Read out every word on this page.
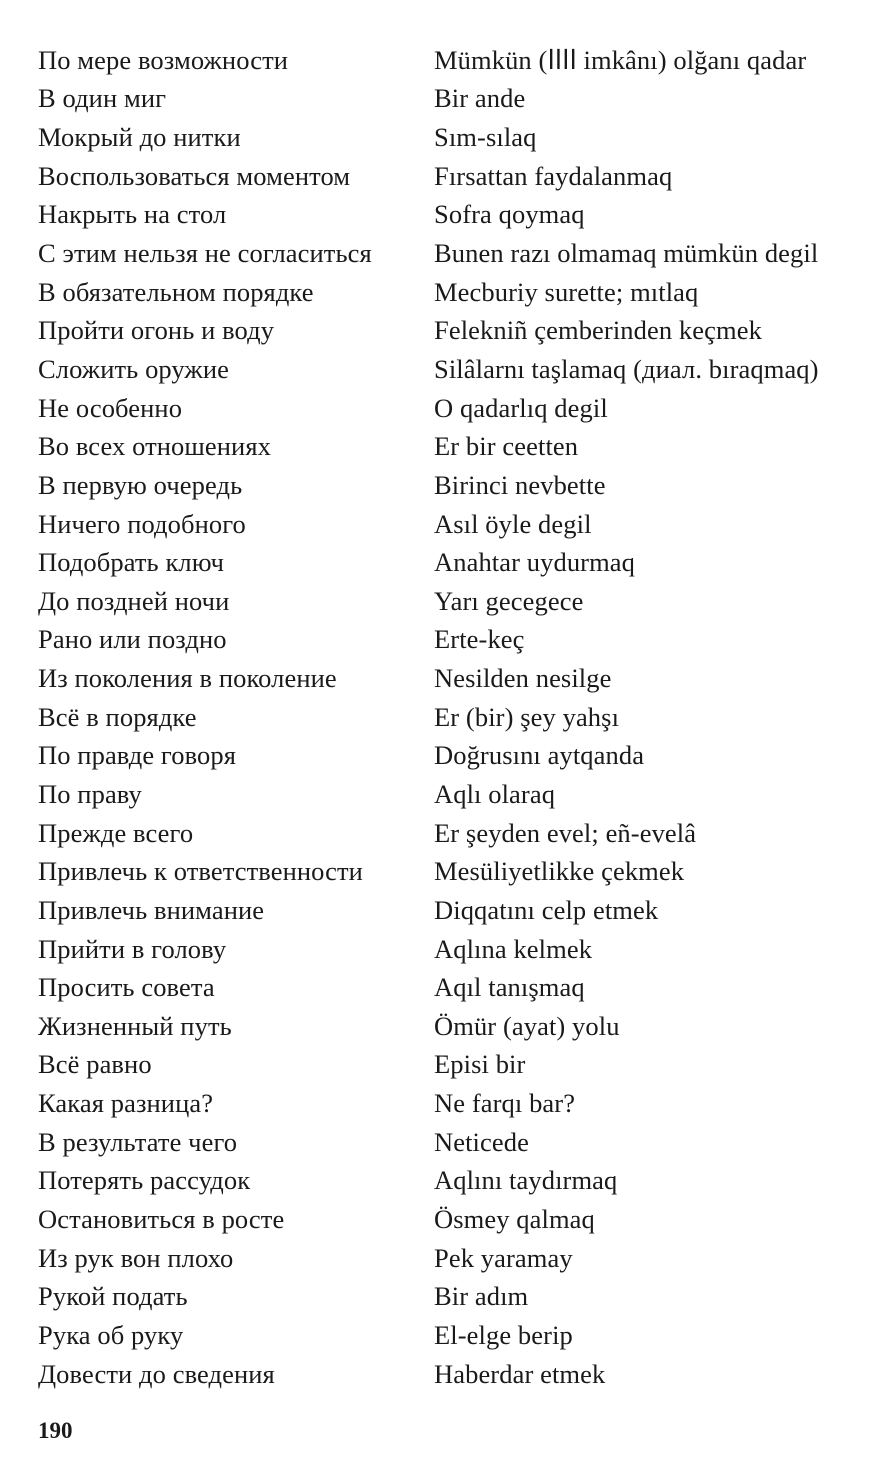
По мере возможности	Mümkün (ﺍﺍﺍﺍ imkânı) olğanı qadar
В один миг	Bir ande
Мокрый до нитки	Sım-sılaq
Воспользоваться моментом	Fırsattan faydalanmaq
Накрыть на стол	Sofra qoymaq
С этим нельзя не согласиться	Bunen razı olmamaq mümkün degil
В обязательном порядке	Mecburiy surette; mıtlaq
Пройти огонь и воду	Felekniñ çemberinden keçmek
Сложить оружие	Silâlarnı taşlamaq (диал. bıraqmaq)
Не особенно	O qadarlıq degil
Во всех отношениях	Er bir ceetten
В первую очередь	Birinci nevbette
Ничего подобного	Asıl öyle degil
Подобрать ключ	Anahtar uydurmaq
До поздней ночи	Yarı gecegece
Рано или поздно	Erte-keç
Из поколения в поколение	Nesilden nesilge
Всё в порядке	Er (bir) şey yahşı
По правде говоря	Doğrusını aytqanda
По праву	Aqlı olaraq
Прежде всего	Er şeyden evel; eñ-evelâ
Привлечь к ответственности	Mesüliyetlikke çekmek
Привлечь внимание	Diqqatını celp etmek
Прийти в голову	Aqlına kelmek
Просить совета	Aqıl tanışmaq
Жизненный путь	Ömür (ayat) yolu
Всё равно	Episi bir
Какая разница?	Ne farqı bar?
В результате чего	Neticede
Потерять рассудок	Aqlını taydırmaq
Остановиться в росте	Ösmey qalmaq
Из рук вон плохо	Pek yaramay
Рукой подать	Bir adım
Рука об руку	El-elge berip
Довести до сведения	Haberdar etmek
190
